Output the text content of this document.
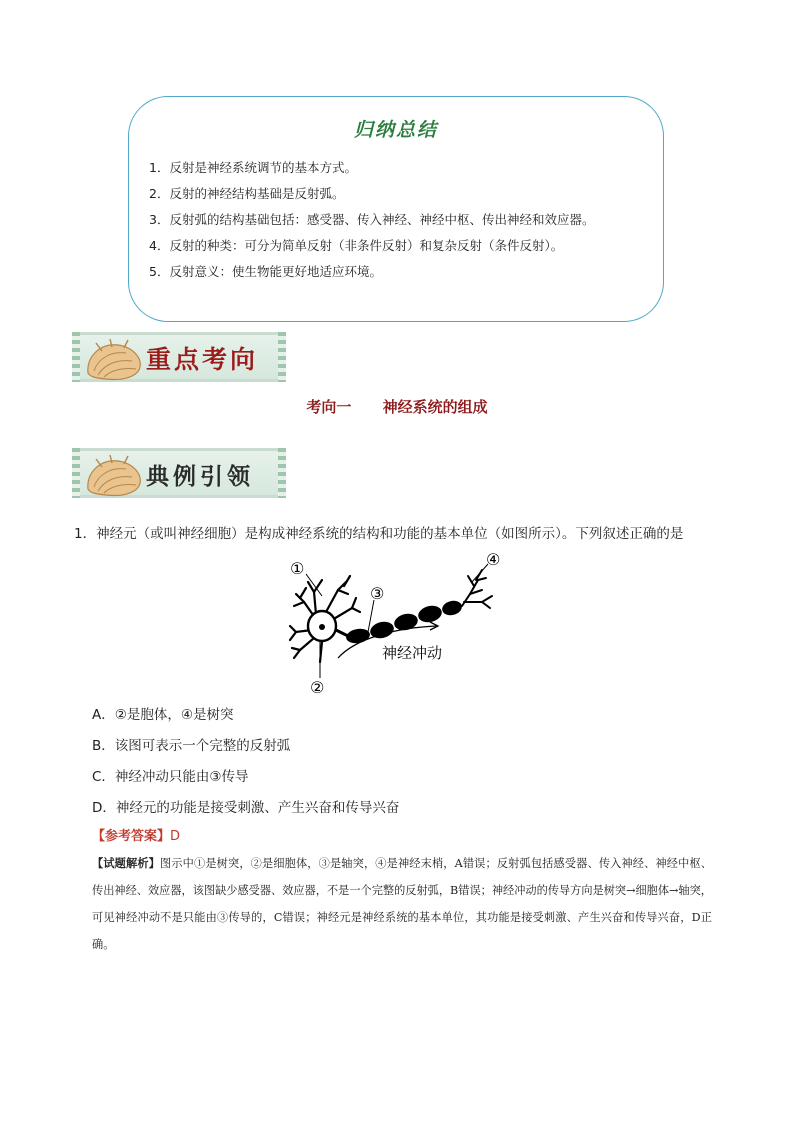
归纳总结
1．反射是神经系统调节的基本方式。
2．反射的神经结构基础是反射弧。
3．反射弧的结构基础包括：感受器、传入神经、神经中枢、传出神经和效应器。
4．反射的种类：可分为简单反射（非条件反射）和复杂反射（条件反射）。
5．反射意义：使生物能更好地适应环境。
重点考向
考向一      神经系统的组成
典例引领
1．神经元（或叫神经细胞）是构成神经系统的结构和功能的基本单位（如图所示）。下列叙述正确的是
①
②
③
④
神经冲动
A．②是胞体，④是树突
B．该图可表示一个完整的反射弧
C．神经冲动只能由③传导
D．神经元的功能是接受刺激、产生兴奋和传导兴奋
【参考答案】D
【试题解析】图示中①是树突，②是细胞体，③是轴突，④是神经末梢，A错误；反射弧包括感受器、传入神经、神经中枢、传出神经、效应器，该图缺少感受器、效应器，不是一个完整的反射弧，B错误；神经冲动的传导方向是树突→细胞体→轴突，可见神经冲动不是只能由③传导的，C错误；神经元是神经系统的基本单位，其功能是接受刺激、产生兴奋和传导兴奋，D正确。
